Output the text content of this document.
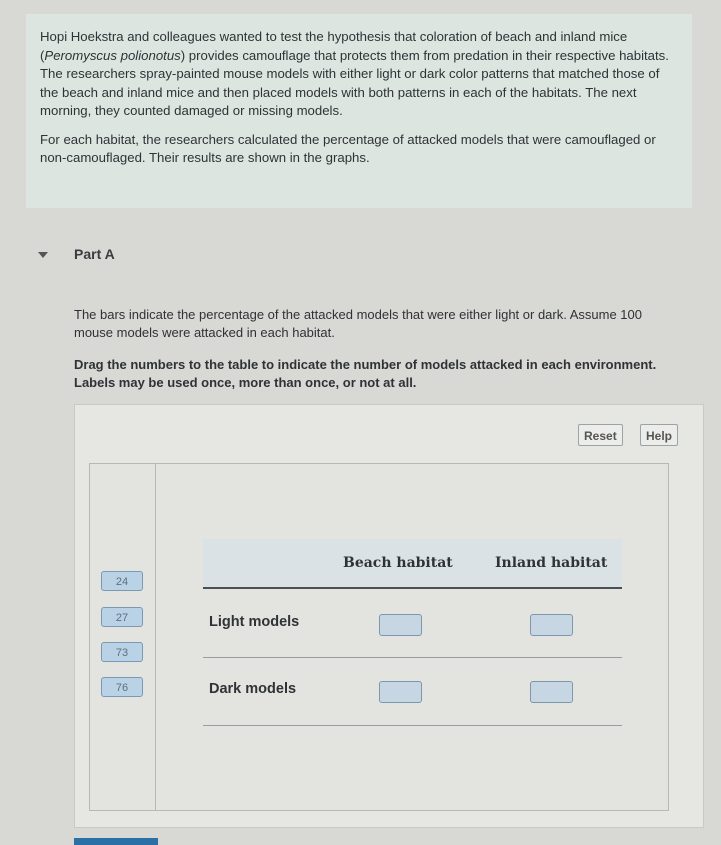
Hopi Hoekstra and colleagues wanted to test the hypothesis that coloration of beach and inland mice (Peromyscus polionotus) provides camouflage that protects them from predation in their respective habitats. The researchers spray-painted mouse models with either light or dark color patterns that matched those of the beach and inland mice and then placed models with both patterns in each of the habitats. The next morning, they counted damaged or missing models.

For each habitat, the researchers calculated the percentage of attacked models that were camouflaged or non-camouflaged. Their results are shown in the graphs.

Part A
The bars indicate the percentage of the attacked models that were either light or dark. Assume 100 mouse models were attacked in each habitat.
Drag the numbers to the table to indicate the number of models attacked in each environment. Labels may be used once, more than once, or not at all.
Reset	Help
24
27
73
76
Beach habitat	Inland habitat
Light models
Dark models
